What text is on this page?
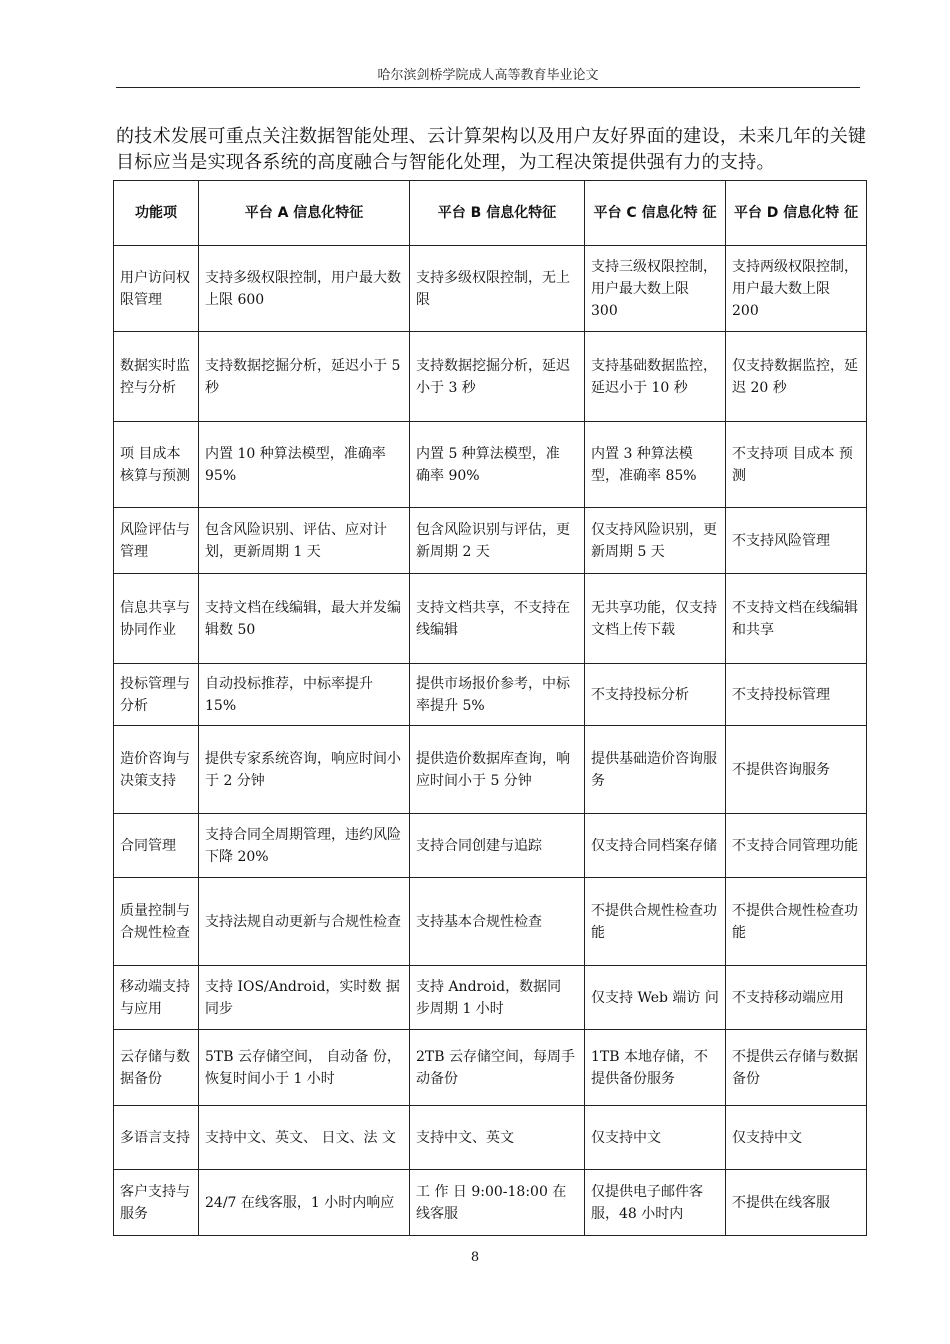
哈尔滨剑桥学院成人高等教育毕业论文

的技术发展可重点关注数据智能处理、云计算架构以及用户友好界面的建设，未来几年的关键目标应当是实现各系统的高度融合与智能化处理，为工程决策提供强有力的支持。

功能项	平台 A 信息化特征	平台 B 信息化特征	平台 C 信息化特 征	平台 D 信息化特 征
用户访问权限管理	支持多级权限控制，用户最大数上限 600	支持多级权限控制，无上限	支持三级权限控制，用户最大数上限 300	支持两级权限控制，用户最大数上限 200
数据实时监控与分析	支持数据挖掘分析，延迟小于 5 秒	支持数据挖掘分析，延迟小于 3 秒	支持基础数据监控，延迟小于 10 秒	仅支持数据监控，延迟 20 秒
项 目成本核算与预测	内置 10 种算法模型，准确率 95%	内置 5 种算法模型，准 确率 90%	内置 3 种算法模型，准确率 85%	不支持项 目成本 预测
风险评估与管理	包含风险识别、评估、应对计划，更新周期 1 天	包含风险识别与评估，更新周期 2 天	仅支持风险识别，更新周期 5 天	不支持风险管理
信息共享与协同作业	支持文档在线编辑，最大并发编辑数 50	支持文档共享，不支持在线编辑	无共享功能，仅支持文档上传下载	不支持文档在线编辑和共享
投标管理与分析	自动投标推荐，中标率提升 15%	提供市场报价参考，中标率提升 5%	不支持投标分析	不支持投标管理
造价咨询与决策支持	提供专家系统咨询，响应时间小于 2 分钟	提供造价数据库查询，响应时间小于 5 分钟	提供基础造价咨询服务	不提供咨询服务
合同管理	支持合同全周期管理，违约风险下降 20%	支持合同创建与追踪	仅支持合同档案存储	不支持合同管理功能
质量控制与合规性检查	支持法规自动更新与合规性检查	支持基本合规性检查	不提供合规性检查功能	不提供合规性检查功能
移动端支持与应用	支持 IOS/Android，实时数 据同步	支持 Android，数据同 步周期 1 小时	仅支持 Web 端访 问	不支持移动端应用
云存储与数据备份	5TB 云存储空间， 自动备 份，恢复时间小于 1 小时	2TB 云存储空间，每周手动备份	1TB 本地存储，不 提供备份服务	不提供云存储与数据备份
多语言支持	支持中文、英文、 日文、法 文	支持中文、英文	仅支持中文	仅支持中文
客户支持与服务	24/7 在线客服，1 小时内响应	工 作 日 9:00-18:00 在 线客服	仅提供电子邮件客服，48 小时内	不提供在线客服
8
